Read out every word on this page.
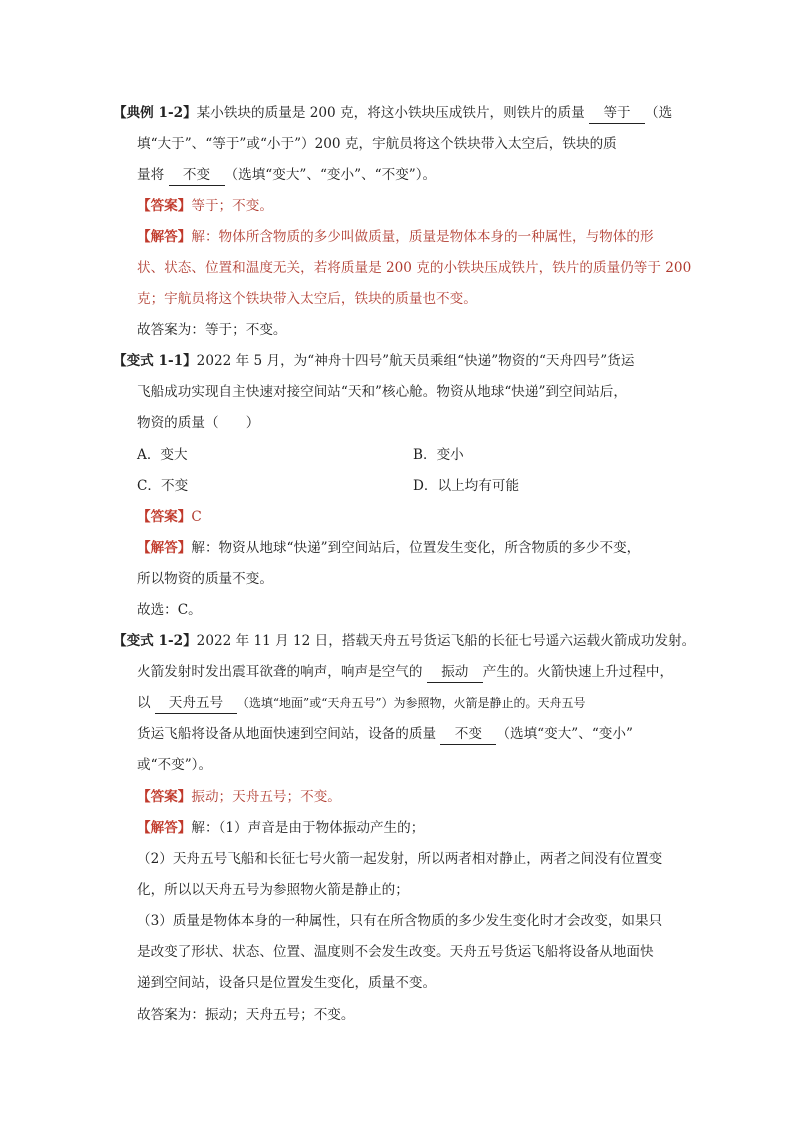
【典例 1-2】某小铁块的质量是 200 克，将这小铁块压成铁片，则铁片的质量 等于 （选
填“大于”、“等于”或“小于”）200 克，宇航员将这个铁块带入太空后，铁块的质
量将 不变 （选填“变大”、“变小”、“不变”）。
【答案】等于；不变。
【解答】解：物体所含物质的多少叫做质量，质量是物体本身的一种属性，与物体的形
状、状态、位置和温度无关，若将质量是 200 克的小铁块压成铁片，铁片的质量仍等于 200
克；宇航员将这个铁块带入太空后，铁块的质量也不变。
故答案为：等于；不变。
【变式 1-1】2022 年 5 月，为“神舟十四号”航天员乘组“快递”物资的“天舟四号”货运
飞船成功实现自主快速对接空间站“天和”核心舱。物资从地球“快递”到空间站后，
物资的质量（　　）
A．变大	B．变小
C．不变	D．以上均有可能
【答案】C
【解答】解：物资从地球“快递”到空间站后，位置发生变化，所含物质的多少不变，
所以物资的质量不变。
故选：C。
【变式 1-2】2022 年 11 月 12 日，搭载天舟五号货运飞船的长征七号遥六运载火箭成功发射。
火箭发射时发出震耳欲聋的响声，响声是空气的 振动 产生的。火箭快速上升过程中，
以 天舟五号 （选填“地面”或“天舟五号”）为参照物，火箭是静止的。天舟五号
货运飞船将设备从地面快速到空间站，设备的质量 不变 （选填“变大”、“变小”
或“不变”）。
【答案】振动；天舟五号；不变。
【解答】解：（1）声音是由于物体振动产生的；
（2）天舟五号飞船和长征七号火箭一起发射，所以两者相对静止，两者之间没有位置变
化，所以以天舟五号为参照物火箭是静止的；
（3）质量是物体本身的一种属性，只有在所含物质的多少发生变化时才会改变，如果只
是改变了形状、状态、位置、温度则不会发生改变。天舟五号货运飞船将设备从地面快
递到空间站，设备只是位置发生变化，质量不变。
故答案为：振动；天舟五号；不变。
